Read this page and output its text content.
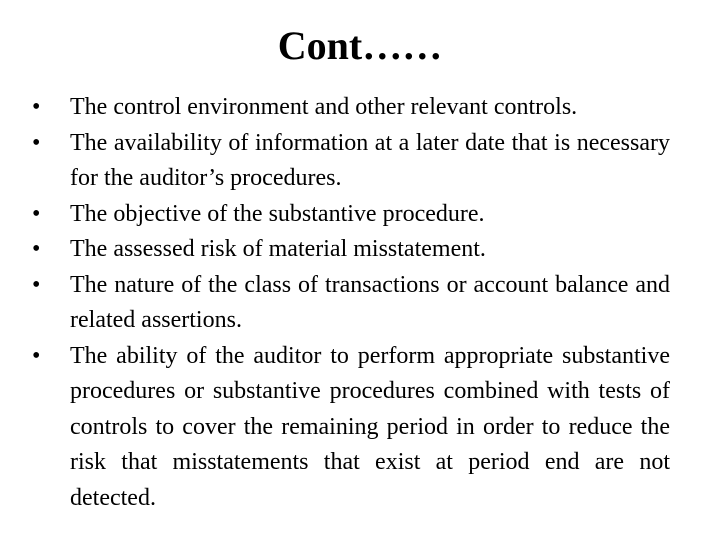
Cont……
•	The control environment and other relevant controls.
•	The availability of information at a later date that is necessary for the auditor’s procedures.
•	The objective of the substantive procedure.
•	The assessed risk of material misstatement.
•	The nature of the class of transactions or account balance and related assertions.
•	The ability of the auditor to perform appropriate substantive procedures or substantive procedures combined with tests of controls to cover the remaining period in order to reduce the risk that misstatements that exist at period end are not detected.
